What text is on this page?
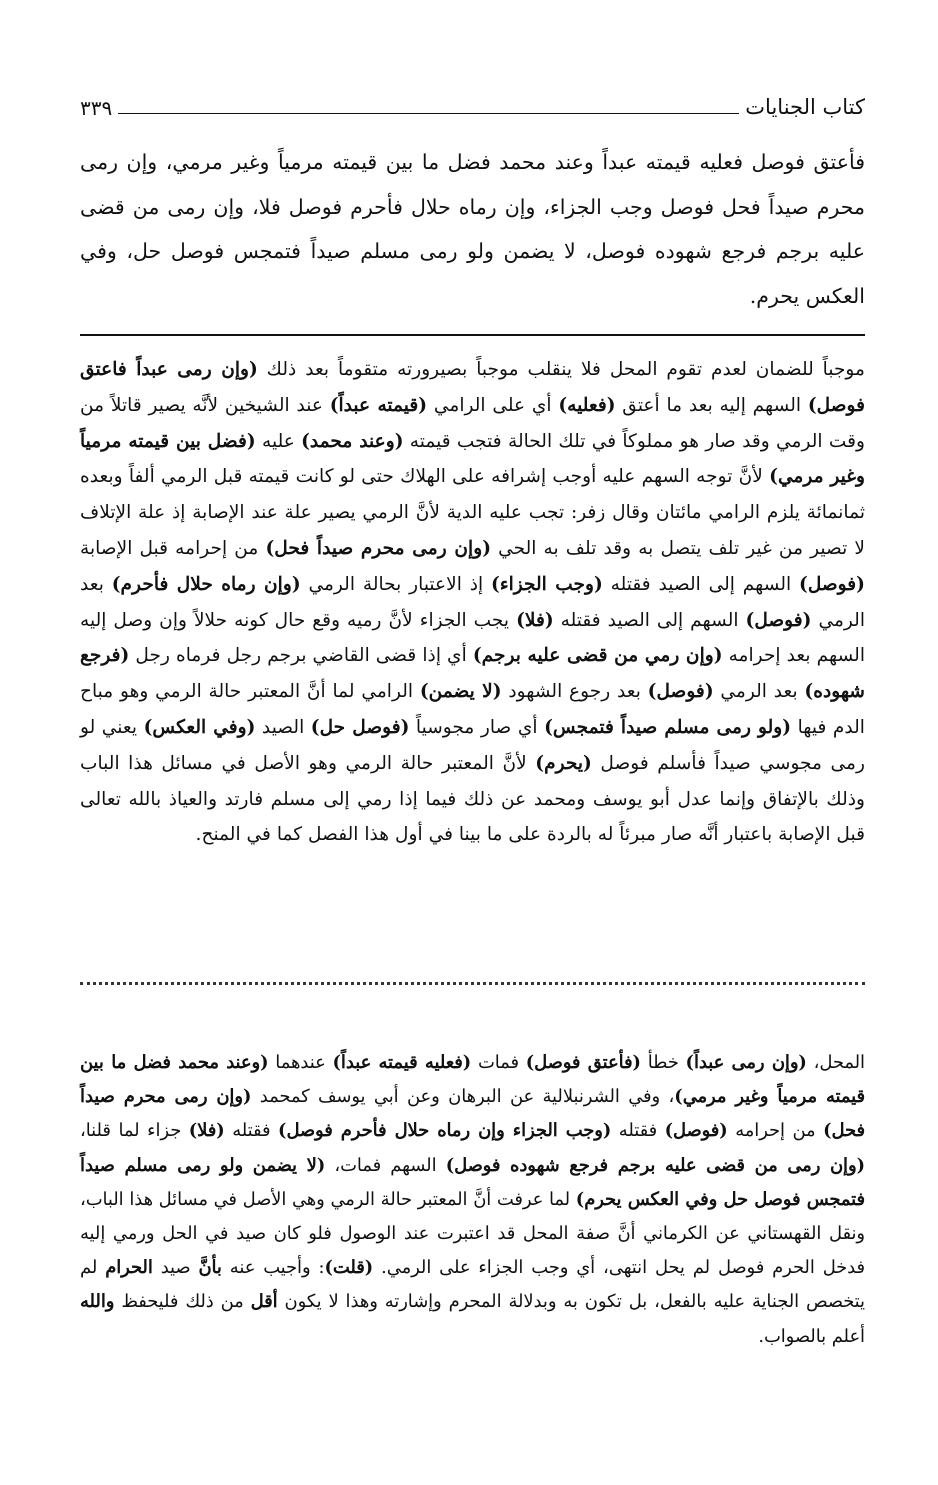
كتاب الجنايات
٣٣٩

فأعتق فوصل فعليه قيمته عبداً وعند محمد فضل ما بين قيمته مرمياً وغير مرمي، وإن رمى محرم صيداً فحل فوصل وجب الجزاء، وإن رماه حلال فأحرم فوصل فلا، وإن رمى من قضى عليه برجم فرجع شهوده فوصل، لا يضمن ولو رمى مسلم صيداً فتمجس فوصل حل، وفي العكس يحرم.

موجباً للضمان لعدم تقوم المحل فلا ينقلب موجباً بصيرورته متقوماً بعد ذلك (وإن رمى عبداً فاعتق فوصل) السهم إليه بعد ما أعتق (فعليه) أي على الرامي (قيمته عبداً) عند الشيخين لأنَّه يصير قاتلاً من وقت الرمي وقد صار هو مملوكاً في تلك الحالة فتجب قيمته (وعند محمد) عليه (فضل بين قيمته مرمياً وغير مرمي) لأنَّ توجه السهم عليه أوجب إشرافه على الهلاك حتى لو كانت قيمته قبل الرمي ألفاً وبعده ثمانمائة يلزم الرامي مائتان وقال زفر: تجب عليه الدية لأنَّ الرمي يصير علة عند الإصابة إذ علة الإتلاف لا تصير من غير تلف يتصل به وقد تلف به الحي (وإن رمى محرم صيداً فحل) من إحرامه قبل الإصابة (فوصل) السهم إلى الصيد فقتله (وجب الجزاء) إذ الاعتبار بحالة الرمي (وإن رماه حلال فأحرم) بعد الرمي (فوصل) السهم إلى الصيد فقتله (فلا) يجب الجزاء لأنَّ رميه وقع حال كونه حلالاً وإن وصل إليه السهم بعد إحرامه (وإن رمي من قضى عليه برجم) أي إذا قضى القاضي برجم رجل فرماه رجل (فرجع شهوده) بعد الرمي (فوصل) بعد رجوع الشهود (لا يضمن) الرامي لما أنَّ المعتبر حالة الرمي وهو مباح الدم فيها (ولو رمى مسلم صيداً فتمجس) أي صار مجوسياً (فوصل حل) الصيد (وفي العكس) يعني لو رمى مجوسي صيداً فأسلم فوصل (يحرم) لأنَّ المعتبر حالة الرمي وهو الأصل في مسائل هذا الباب وذلك بالإتفاق وإنما عدل أبو يوسف ومحمد عن ذلك فيما إذا رمي إلى مسلم فارتد والعياذ بالله تعالى قبل الإصابة باعتبار أنَّه صار مبرئاً له بالردة على ما بينا في أول هذا الفصل كما في المنح.

المحل، (وإن رمى عبداً) خطأ (فأعتق فوصل) فمات (فعليه قيمته عبداً) عندهما (وعند محمد فضل ما بين قيمته مرمياً وغير مرمي)، وفي الشرنبلالية عن البرهان وعن أبي يوسف كمحمد (وإن رمى محرم صيداً فحل) من إحرامه (فوصل) فقتله (وجب الجزاء وإن رماه حلال فأحرم فوصل) فقتله (فلا) جزاء لما قلنا، (وإن رمى من قضى عليه برجم فرجع شهوده فوصل) السهم فمات، (لا يضمن ولو رمى مسلم صيداً فتمجس فوصل حل وفي العكس يحرم) لما عرفت أنَّ المعتبر حالة الرمي وهي الأصل في مسائل هذا الباب، ونقل القهستاني عن الكرماني أنَّ صفة المحل قد اعتبرت عند الوصول فلو كان صيد في الحل ورمي إليه فدخل الحرم فوصل لم يحل انتهى، أي وجب الجزاء على الرمي. (قلت): وأجيب عنه بأنَّ صيد الحرام لم يتخصص الجناية عليه بالفعل، بل تكون به وبدلالة المحرم وإشارته وهذا لا يكون أقل من ذلك فليحفظ والله أعلم بالصواب.
